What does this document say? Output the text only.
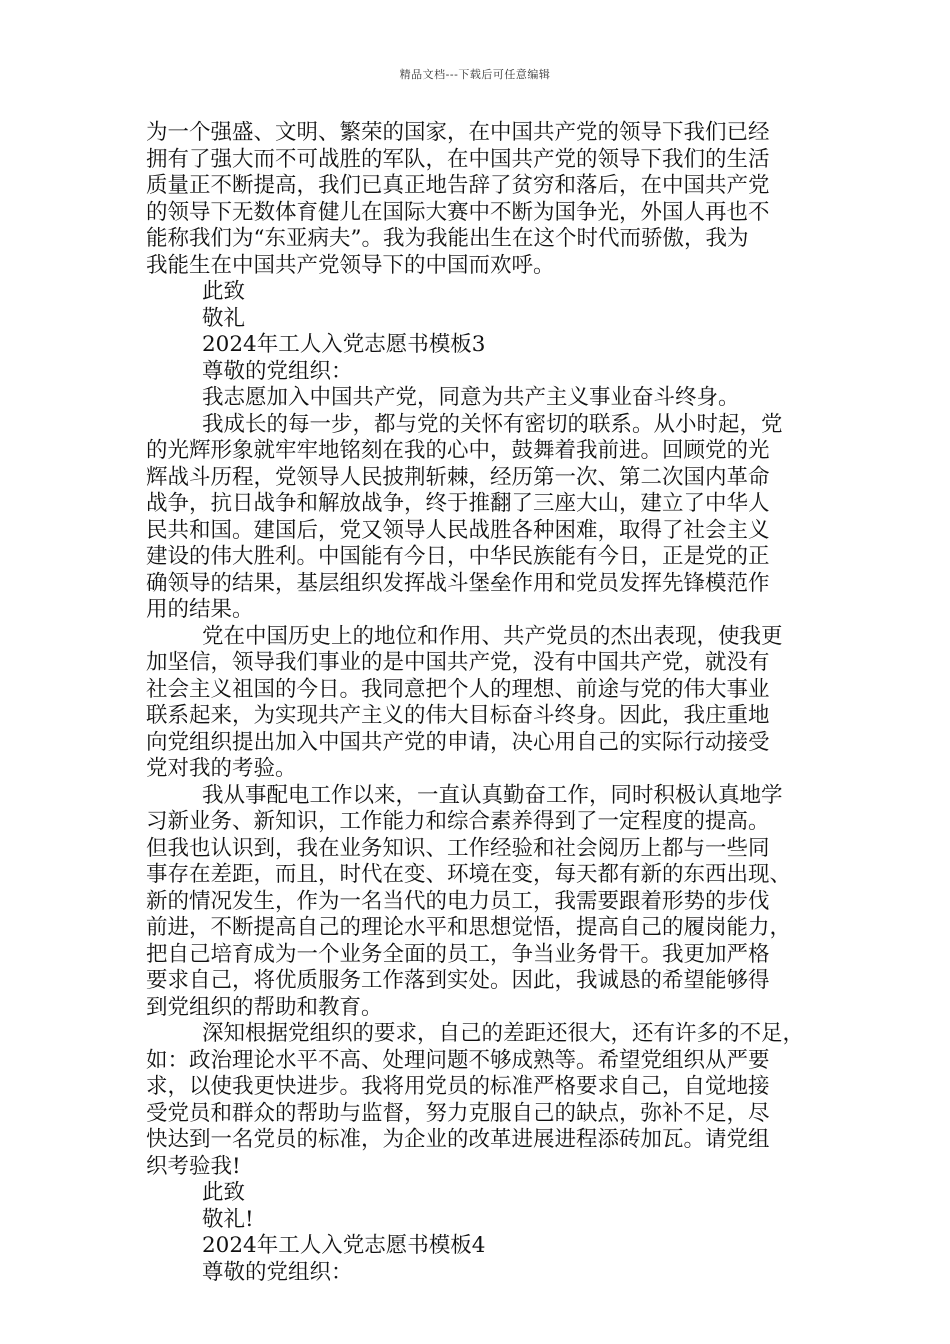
精品文档---下载后可任意编辑
为一个强盛、文明、繁荣的国家，在中国共产党的领导下我们已经
拥有了强大而不可战胜的军队，在中国共产党的领导下我们的生活
质量正不断提高，我们已真正地告辞了贫穷和落后，在中国共产党
的领导下无数体育健儿在国际大赛中不断为国争光，外国人再也不
能称我们为“东亚病夫”。我为我能出生在这个时代而骄傲，我为
我能生在中国共产党领导下的中国而欢呼。
此致
敬礼
2024年工人入党志愿书模板3
尊敬的党组织：
我志愿加入中国共产党，同意为共产主义事业奋斗终身。
我成长的每一步，都与党的关怀有密切的联系。从小时起，党
的光辉形象就牢牢地铭刻在我的心中，鼓舞着我前进。回顾党的光
辉战斗历程，党领导人民披荆斩棘，经历第一次、第二次国内革命
战争，抗日战争和解放战争，终于推翻了三座大山，建立了中华人
民共和国。建国后，党又领导人民战胜各种困难，取得了社会主义
建设的伟大胜利。中国能有今日，中华民族能有今日，正是党的正
确领导的结果，基层组织发挥战斗堡垒作用和党员发挥先锋模范作
用的结果。
党在中国历史上的地位和作用、共产党员的杰出表现，使我更
加坚信，领导我们事业的是中国共产党，没有中国共产党，就没有
社会主义祖国的今日。我同意把个人的理想、前途与党的伟大事业
联系起来，为实现共产主义的伟大目标奋斗终身。因此，我庄重地
向党组织提出加入中国共产党的申请，决心用自己的实际行动接受
党对我的考验。
我从事配电工作以来，一直认真勤奋工作，同时积极认真地学
习新业务、新知识，工作能力和综合素养得到了一定程度的提高。
但我也认识到，我在业务知识、工作经验和社会阅历上都与一些同
事存在差距，而且，时代在变、环境在变，每天都有新的东西出现、
新的情况发生，作为一名当代的电力员工，我需要跟着形势的步伐
前进，不断提高自己的理论水平和思想觉悟，提高自己的履岗能力，
把自己培育成为一个业务全面的员工，争当业务骨干。我更加严格
要求自己，将优质服务工作落到实处。因此，我诚恳的希望能够得
到党组织的帮助和教育。
深知根据党组织的要求，自己的差距还很大，还有许多的不足，
如：政治理论水平不高、处理问题不够成熟等。希望党组织从严要
求，以使我更快进步。我将用党员的标准严格要求自己，自觉地接
受党员和群众的帮助与监督，努力克服自己的缺点，弥补不足，尽
快达到一名党员的标准，为企业的改革进展进程添砖加瓦。请党组
织考验我!
此致
敬礼!
2024年工人入党志愿书模板4
尊敬的党组织：
